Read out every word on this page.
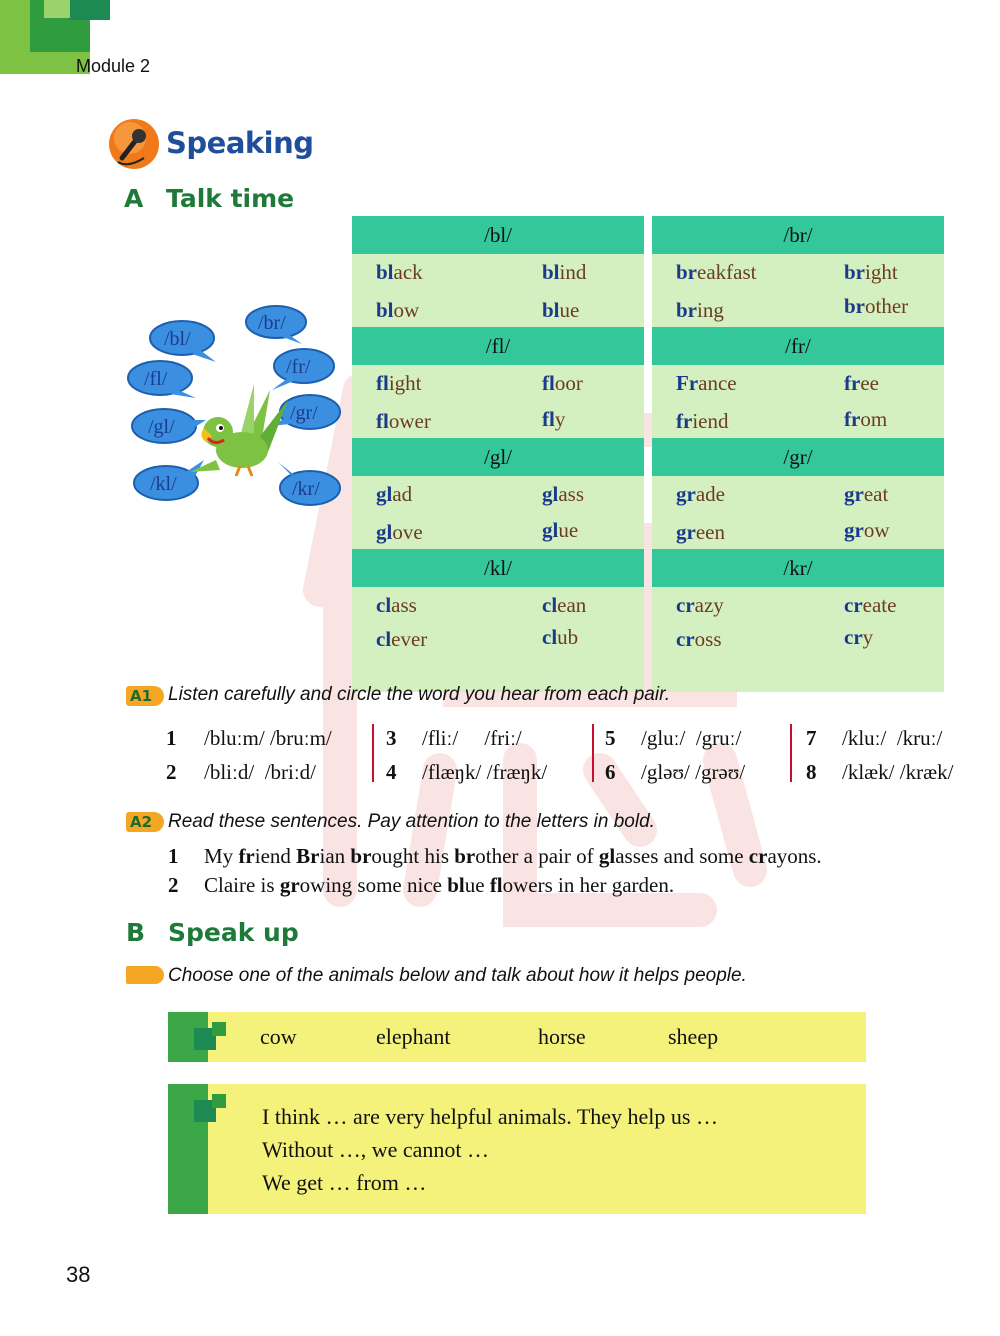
Module 2
Speaking
A Talk time
/bl/
/br/
/fl/
/fr/
/gl/
/gr/
/kl/	/kr/
/bl/
black	blind
blow	blue
/br/
breakfast	bright
bring	brother
/fl/
flight	floor
flower	fly
/fr/
France	free
friend	from
/gl/
glad	glass
glove	glue
/gr/
grade	great
green	grow
/kl/
class	clean
clever	club
/kr/
crazy	create
cross	cry
A1 Listen carefully and circle the word you hear from each pair.
1 /bluːm/ /bruːm/
2 /bliːd/ /briːd/
3 /fliː/ /friː/
4 /flæŋk/ /fræŋk/
5 /gluː/ /gruː/
6 /gləʊ/ /grəʊ/
7 /kluː/ /kruː/
8 /klæk/ /kræk/
A2 Read these sentences. Pay attention to the letters in bold.
1 My friend Brian brought his brother a pair of glasses and some crayons.
2 Claire is growing some nice blue flowers in her garden.
B Speak up
Choose one of the animals below and talk about how it helps people.
cow	elephant	horse	sheep
I think … are very helpful animals. They help us …
Without …, we cannot …
We get … from …
38
